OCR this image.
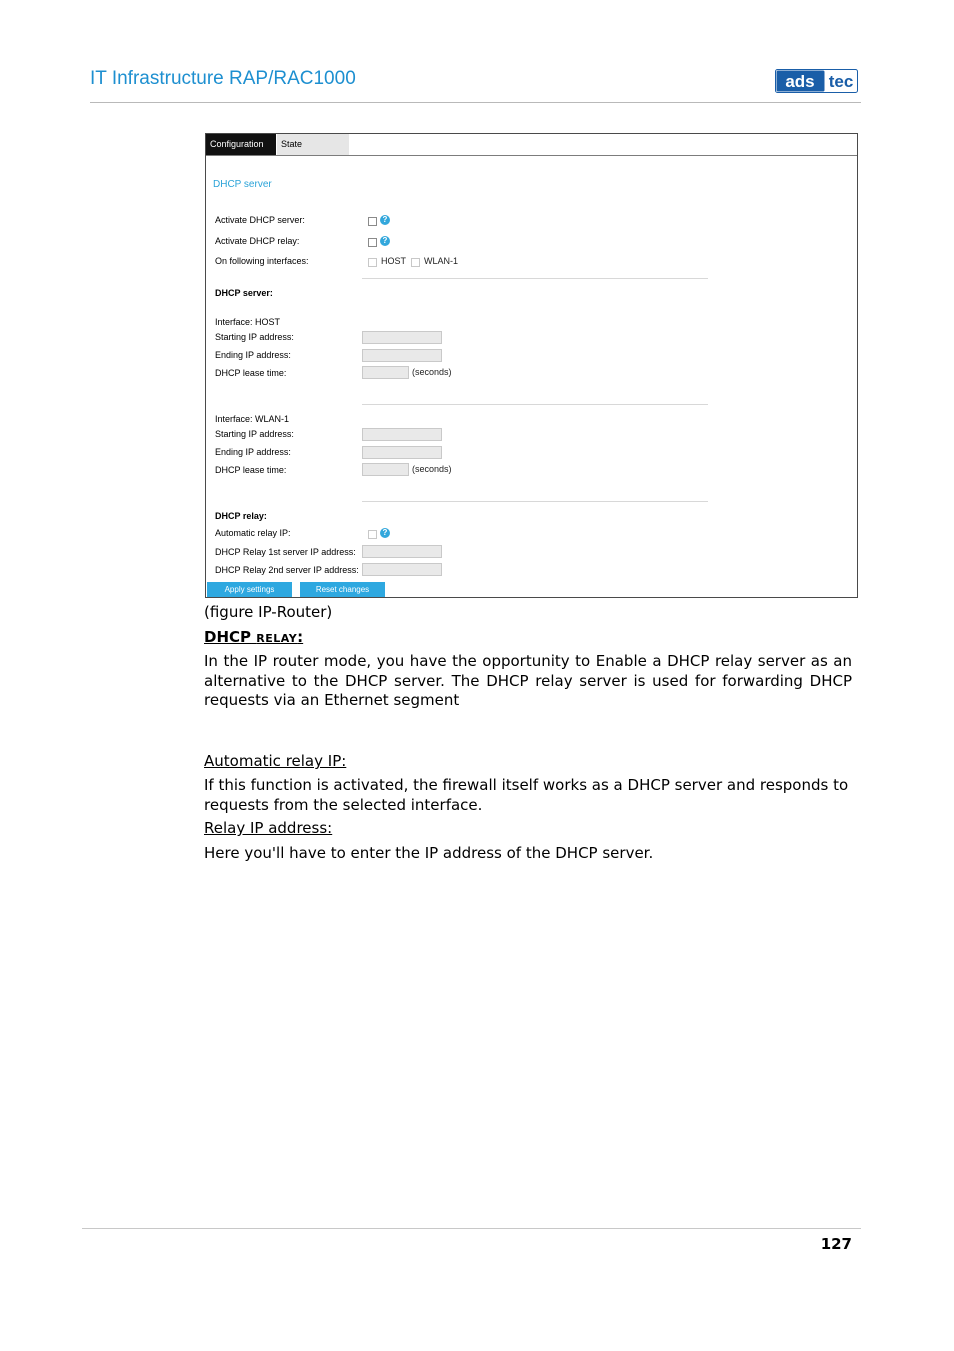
IT Infrastructure RAP/RAC1000	ads tec
Configuration	State
DHCP server
Activate DHCP server:	?
Activate DHCP relay:	?
On following interfaces:	HOST WLAN-1
DHCP server:
Interface: HOST
Starting IP address:
Ending IP address:
DHCP lease time:	(seconds)
Interface: WLAN-1
Starting IP address:
Ending IP address:
DHCP lease time:	(seconds)
DHCP relay:
Automatic relay IP:	?
DHCP Relay 1st server IP address:
DHCP Relay 2nd server IP address:
Apply settings	Reset changes
(figure IP-Router)
DHCP RELAY:
In the IP router mode, you have the opportunity to Enable a DHCP relay server as an alternative to the DHCP server. The DHCP relay server is used for forwarding DHCP requests via an Ethernet segment
Automatic relay IP:
If this function is activated, the firewall itself works as a DHCP server and responds to requests from the selected interface.
Relay IP address:
Here you'll have to enter the IP address of the DHCP server.
127
